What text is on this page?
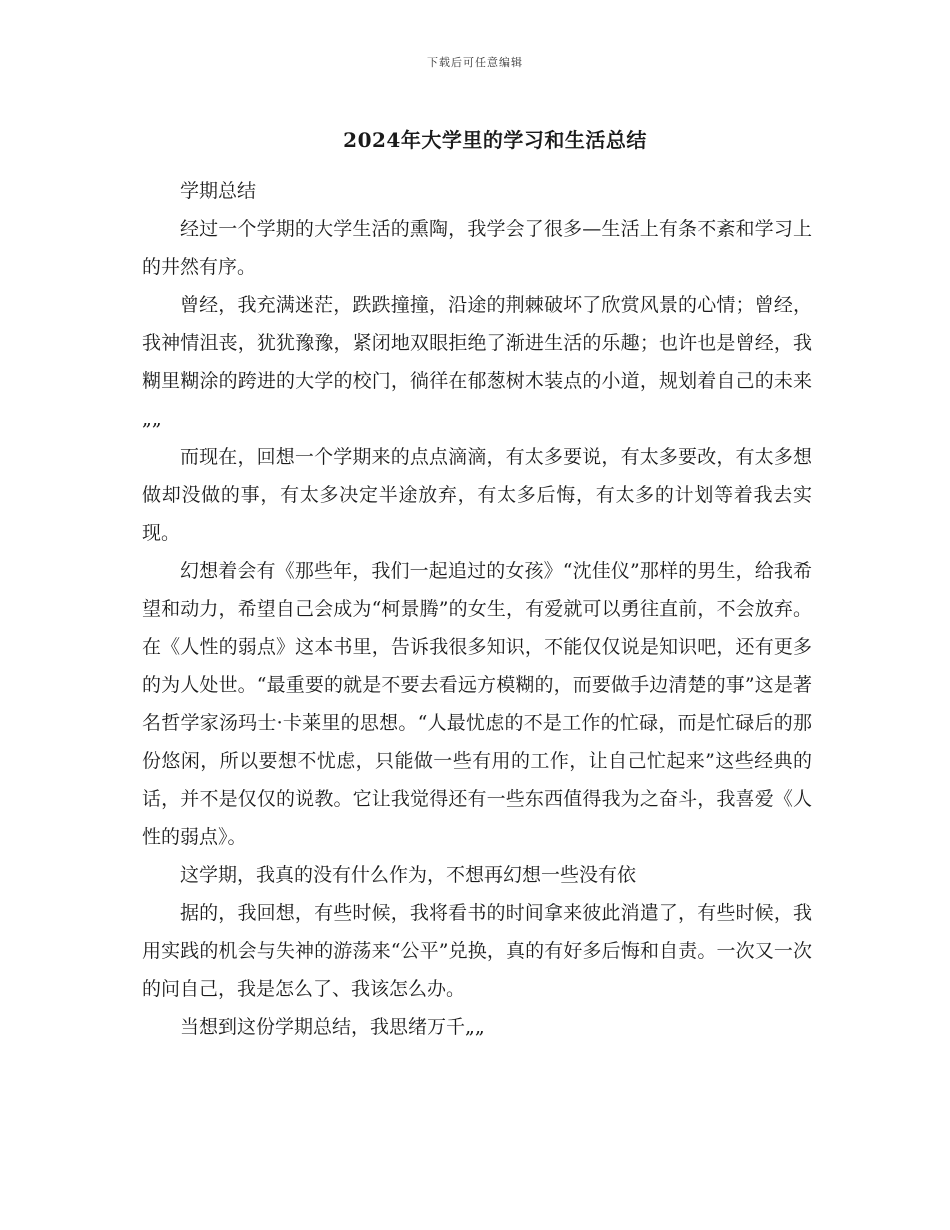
下载后可任意编辑
2024年大学里的学习和生活总结

学期总结

经过一个学期的大学生活的熏陶，我学会了很多—生活上有条不紊和学习上的井然有序。

曾经，我充满迷茫，跌跌撞撞，沿途的荆棘破坏了欣赏风景的心情；曾经，我神情沮丧，犹犹豫豫，紧闭地双眼拒绝了渐进生活的乐趣；也许也是曾经，我糊里糊涂的跨进的大学的校门，徜徉在郁葱树木装点的小道，规划着自己的未来„„

而现在，回想一个学期来的点点滴滴，有太多要说，有太多要改，有太多想做却没做的事，有太多决定半途放弃，有太多后悔，有太多的计划等着我去实现。

幻想着会有《那些年，我们一起追过的女孩》“沈佳仪”那样的男生，给我希望和动力，希望自己会成为“柯景腾”的女生，有爱就可以勇往直前，不会放弃。在《人性的弱点》这本书里，告诉我很多知识，不能仅仅说是知识吧，还有更多的为人处世。“最重要的就是不要去看远方模糊的，而要做手边清楚的事”这是著名哲学家汤玛士·卡莱里的思想。“人最忧虑的不是工作的忙碌，而是忙碌后的那份悠闲，所以要想不忧虑，只能做一些有用的工作，让自己忙起来”这些经典的话，并不是仅仅的说教。它让我觉得还有一些东西值得我为之奋斗，我喜爱《人性的弱点》。

这学期，我真的没有什么作为，不想再幻想一些没有依

据的，我回想，有些时候，我将看书的时间拿来彼此消遣了，有些时候，我用实践的机会与失神的游荡来“公平”兑换，真的有好多后悔和自责。一次又一次的问自己，我是怎么了、我该怎么办。

当想到这份学期总结，我思绪万千„„
